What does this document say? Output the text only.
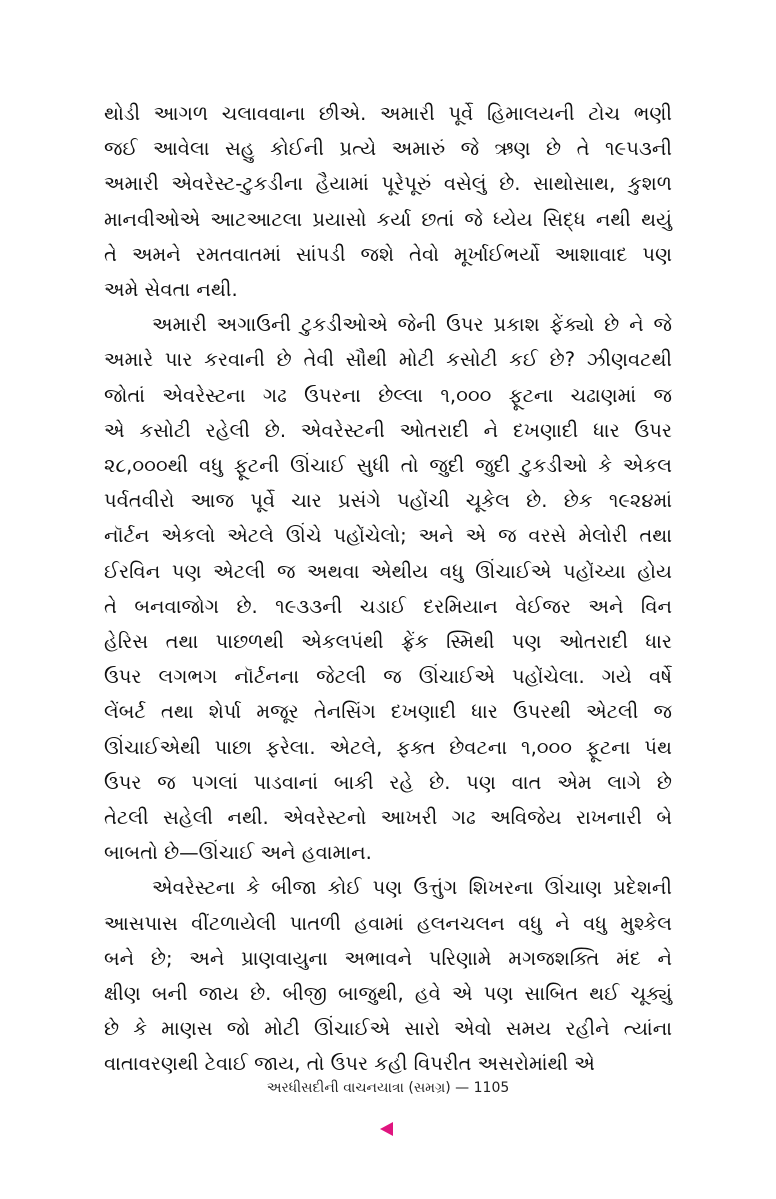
થોડી આગળ ચલાવવાના છીએ. અમારી પૂર્વે હિમાલયની ટોચ ભણી
જઈ આવેલા સહુ કોઈની પ્રત્યે અમારું જે ઋણ છે તે ૧૯૫૩ની
અમારી એવરેસ્ટ-ટુકડીના હૈયામાં પૂરેપૂરું વસેલું છે. સાથોસાથ, કુશળ
માનવીઓએ આટઆટલા પ્રયાસો કર્યા છતાં જે ધ્યેય સિદ્ધ નથી થયું
તે અમને રમતવાતમાં સાંપડી જશે તેવો મૂર્ખાઈભર્યો આશાવાદ પણ
અમે સેવતા નથી.

અમારી અગાઉની ટુકડીઓએ જેની ઉપર પ્રકાશ ફેંક્યો છે ને જે
અમારે પાર કરવાની છે તેવી સૌથી મોટી કસોટી કઈ છે? ઝીણવટથી
જોતાં એવરેસ્ટના ગઢ ઉપરના છેલ્લા ૧,૦૦૦ ફૂટના ચઢાણમાં જ
એ કસોટી રહેલી છે. એવરેસ્ટની ઓતરાદી ને દખણાદી ધાર ઉપર
૨૮,૦૦૦થી વધુ ફૂટની ઊંચાઈ સુધી તો જુદી જુદી ટુકડીઓ કે એકલ
પર્વતવીરો આજ પૂર્વે ચાર પ્રસંગે પહોંચી ચૂકેલ છે. છેક ૧૯૨૪માં
નૉર્ટન એકલો એટલે ઊંચે પહોંચેલો; અને એ જ વરસે મેલોરી તથા
ઈરવિન પણ એટલી જ અથવા એથીય વધુ ઊંચાઈએ પહોંચ્યા હોય
તે બનવાજોગ છે. ૧૯૩૩ની ચડાઈ દરમિયાન વેઈજર અને વિન
હેરિસ તથા પાછળથી એકલપંથી ફ્રેંક સ્મિથી પણ ઓતરાદી ધાર
ઉપર લગભગ નૉર્ટનના જેટલી જ ઊંચાઈએ પહોંચેલા. ગયે વર્ષે
લેંબર્ટ તથા શેર્પા મજૂર તેનસિંગ દખણાદી ધાર ઉપરથી એટલી જ
ઊંચાઈએથી પાછા ફરેલા. એટલે, ફક્ત છેવટના ૧,૦૦૦ ફૂટના પંથ
ઉપર જ પગલાં પાડવાનાં બાકી રહે છે. પણ વાત એમ લાગે છે
તેટલી સહેલી નથી. એવરેસ્ટનો આખરી ગઢ અવિજેય રાખનારી બે
બાબતો છે—ઊંચાઈ અને હવામાન.

એવરેસ્ટના કે બીજા કોઈ પણ ઉત્તુંગ શિખરના ઊંચાણ પ્રદેશની
આસપાસ વીંટળાયેલી પાતળી હવામાં હલનચલન વધુ ને વધુ મુશ્કેલ
બને છે; અને પ્રાણવાયુના અભાવને પરિણામે મગજશક્તિ મંદ ને
ક્ષીણ બની જાય છે. બીજી બાજુથી, હવે એ પણ સાબિત થઈ ચૂક્યું
છે કે માણસ જો મોટી ઊંચાઈએ સારો એવો સમય રહીને ત્યાંના
વાતાવરણથી ટેવાઈ જાય, તો ઉપર કહી વિપરીત અસરોમાંથી એ

અરધીસદીની વાચનયાત્રા (સમગ્ર) — 1105
